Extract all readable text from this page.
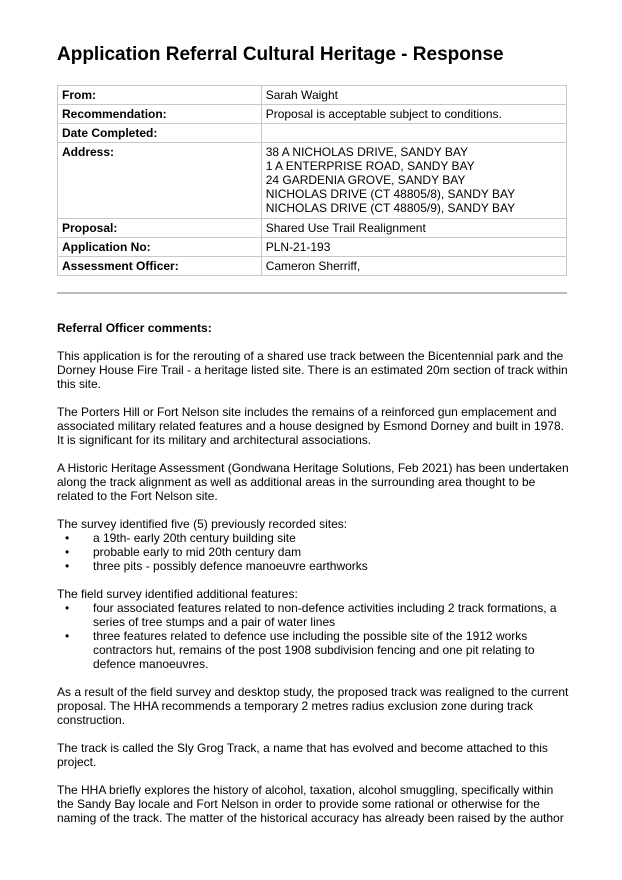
Application Referral Cultural Heritage - Response
From:	Sarah Waight
Recommendation:	Proposal is acceptable subject to conditions.
Date Completed:	
Address:	38 A NICHOLAS DRIVE, SANDY BAY
1 A ENTERPRISE ROAD, SANDY BAY
24 GARDENIA GROVE, SANDY BAY
NICHOLAS DRIVE (CT 48805/8), SANDY BAY
NICHOLAS DRIVE (CT 48805/9), SANDY BAY

Proposal:	Shared Use Trail Realignment
Application No:	PLN-21-193
Assessment Officer:	Cameron Sherriff,
Referral Officer comments:

This application is for the rerouting of a shared use track between the Bicentennial park and the Dorney House Fire Trail - a heritage listed site. There is an estimated 20m section of track within this site.

The Porters Hill or Fort Nelson site includes the remains of a reinforced gun emplacement and associated military related features and a house designed by Esmond Dorney and built in 1978. It is significant for its military and architectural associations.

A Historic Heritage Assessment (Gondwana Heritage Solutions, Feb 2021) has been undertaken along the track alignment as well as additional areas in the surrounding area thought to be related to the Fort Nelson site.

The survey identified five (5) previously recorded sites:

• a 19th- early 20th century building site
• probable early to mid 20th century dam
• three pits - possibly defence manoeuvre earthworks

The field survey identified additional features:

• four associated features related to non-defence activities including 2 track formations, a series of tree stumps and a pair of water lines
• three features related to defence use including the possible site of the 1912 works contractors hut, remains of the post 1908 subdivision fencing and one pit relating to defence manoeuvres.

As a result of the field survey and desktop study, the proposed track was realigned to the current proposal. The HHA recommends a temporary 2 metres radius exclusion zone during track construction.

The track is called the Sly Grog Track, a name that has evolved and become attached to this project.

The HHA briefly explores the history of alcohol, taxation, alcohol smuggling, specifically within the Sandy Bay locale and Fort Nelson in order to provide some rational or otherwise for the naming of the track. The matter of the historical accuracy has already been raised by the author
